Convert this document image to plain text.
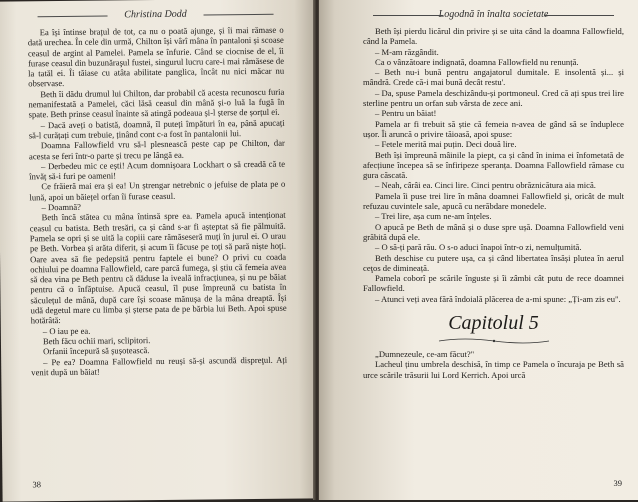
Christina Dodd

Ea își întinse brațul de tot, ca nu o poată ajunge, și îi mai rămase o dată urechea. În cele din urmă, Chilton își vârî mâna în pantaloni și scoase ceasul de argint al Pamelei. Pamela se înfurie. Când se ciocnise de el, îi furase ceasul din buzunăraşul fustei, singurul lucru care-i mai rămăsese de la tatăl ei. Îi tăiase cu atâta abilitate panglica, încât nu nici măcar nu observase.

Beth îi dădu drumul lui Chilton, dar probabil că acesta recunoscu furia nemanifestată a Pamelei, căci lăsă ceasul din mână și-o luă la fugă în spate. Beth prinse ceasul înainte să atingă podeaua și-l șterse de șorțul ei.

– Dacă aveți o batistă, doamnă, îl puteți împături în ea, până apucați să-l curățați cum trebuie, ținând cont c-a fost în pantalonii lui.

Doamna Fallowfield vru să-l plesnească peste cap pe Chilton, dar acesta se feri într-o parte și trecu pe lângă ea.

– Derbedeu mic ce ești! Acum domnișoara Lockhart o să creadă că te învăț să-i furi pe oameni!

Ce frăieră mai era și ea! Un ștrengar netrebnic o jefuise de plata pe o lună, apoi un băiețel orfan îi furase ceasul.

– Doamnă?

Beth încă stătea cu mâna întinsă spre ea. Pamela apucă intenționat ceasul cu batista. Beth tresări, ca și când s-ar fi așteptat să fie pălmuită. Pamela se opri și se uită la copiii care rămăseseră muți în jurul ei. O urau pe Beth. Vorbea și arăta diferit, și acum îi făcuse pe toți să pară niște hoți. Oare avea să fie pedepsită pentru faptele ei bune? O privi cu coada ochiului pe doamna Fallowfield, care parcă fumega, și știu că femeia avea să dea vina pe Beth pentru că dăduse la iveală infracțiunea, și nu pe băiat pentru că o înfăptuise. Apucă ceasul, îl puse împreună cu batista în săculețul de mână, după care își scoase mănușa de la mâna dreaptă. Își udă degetul mare cu limba și șterse pata de pe bărbia lui Beth. Apoi spuse hotărâtă:

– O iau pe ea.

Beth făcu ochii mari, sclipitori.

Orfanii începură să șușotească.

– Pe ea? Doamna Fallowfield nu reuși să-și ascundă dispreţul. Ați venit după un băiat!

38
Logodnă în înalta societate

Beth își pierdu licărul din privire și se uita când la doamna Fallowfield, când la Pamela.

– M-am răzgândit.

Ca o vânzătoare indignată, doamna Fallowfield nu renunță.

– Beth nu-i bună pentru angajatorul dumitale. E insolentă și... și mândră. Crede că-i mai bună decât restu'.

– Da, spuse Pamela deschizându-și portmoneul. Cred că ați spus trei lire sterline pentru un orfan sub vârsta de zece ani.

– Pentru un băiat!

Pamela ar fi trebuit să știe că femeia n-avea de gând să se îndupleсe ușor. Îi aruncă o privire tăioasă, apoi spuse:

– Fetele merită mai puțin. Deci două lire.

Beth își împreună mâinile la piept, ca și când în inima ei înfometată de afecțiune începea să se înfiripeze speranța. Doamna Fallowfield rămase cu gura căscată.

– Neah, cârâi ea. Cinci lire. Cinci pentru obrăznicătura aia mică.

Pamela îi puse trei lire în mâna doamnei Fallowfield și, oricât de mult refuzau cuvintele sale, apucă cu nerăbdare monedele.

– Trei lire, așa cum ne-am înțeles.

O apucă pe Beth de mână și o duse spre ușă. Doamna Fallowfield veni grăbită după ele.

– O să-ți pară rău. O s-o aduci înapoi într-o zi, nemulțumită.

Beth deschise cu putere ușa, ca și când libertatea însăși plutea în aerul ceţos de dimineață.

Pamela coborî pe scările înguste și îi zâmbi cât putu de rece doamnei Fallowfield.

– Atunci veți avea fără îndoială plăcerea de a-mi spune: „Ți-am zis eu".

Capitolul 5

„Dumnezeule, ce-am făcut?"

Lacheul ținu umbrela deschisă, în timp ce Pamela o încuraja pe Beth să urce scările trăsurii lui Lord Kerrich. Apoi urcă

39
